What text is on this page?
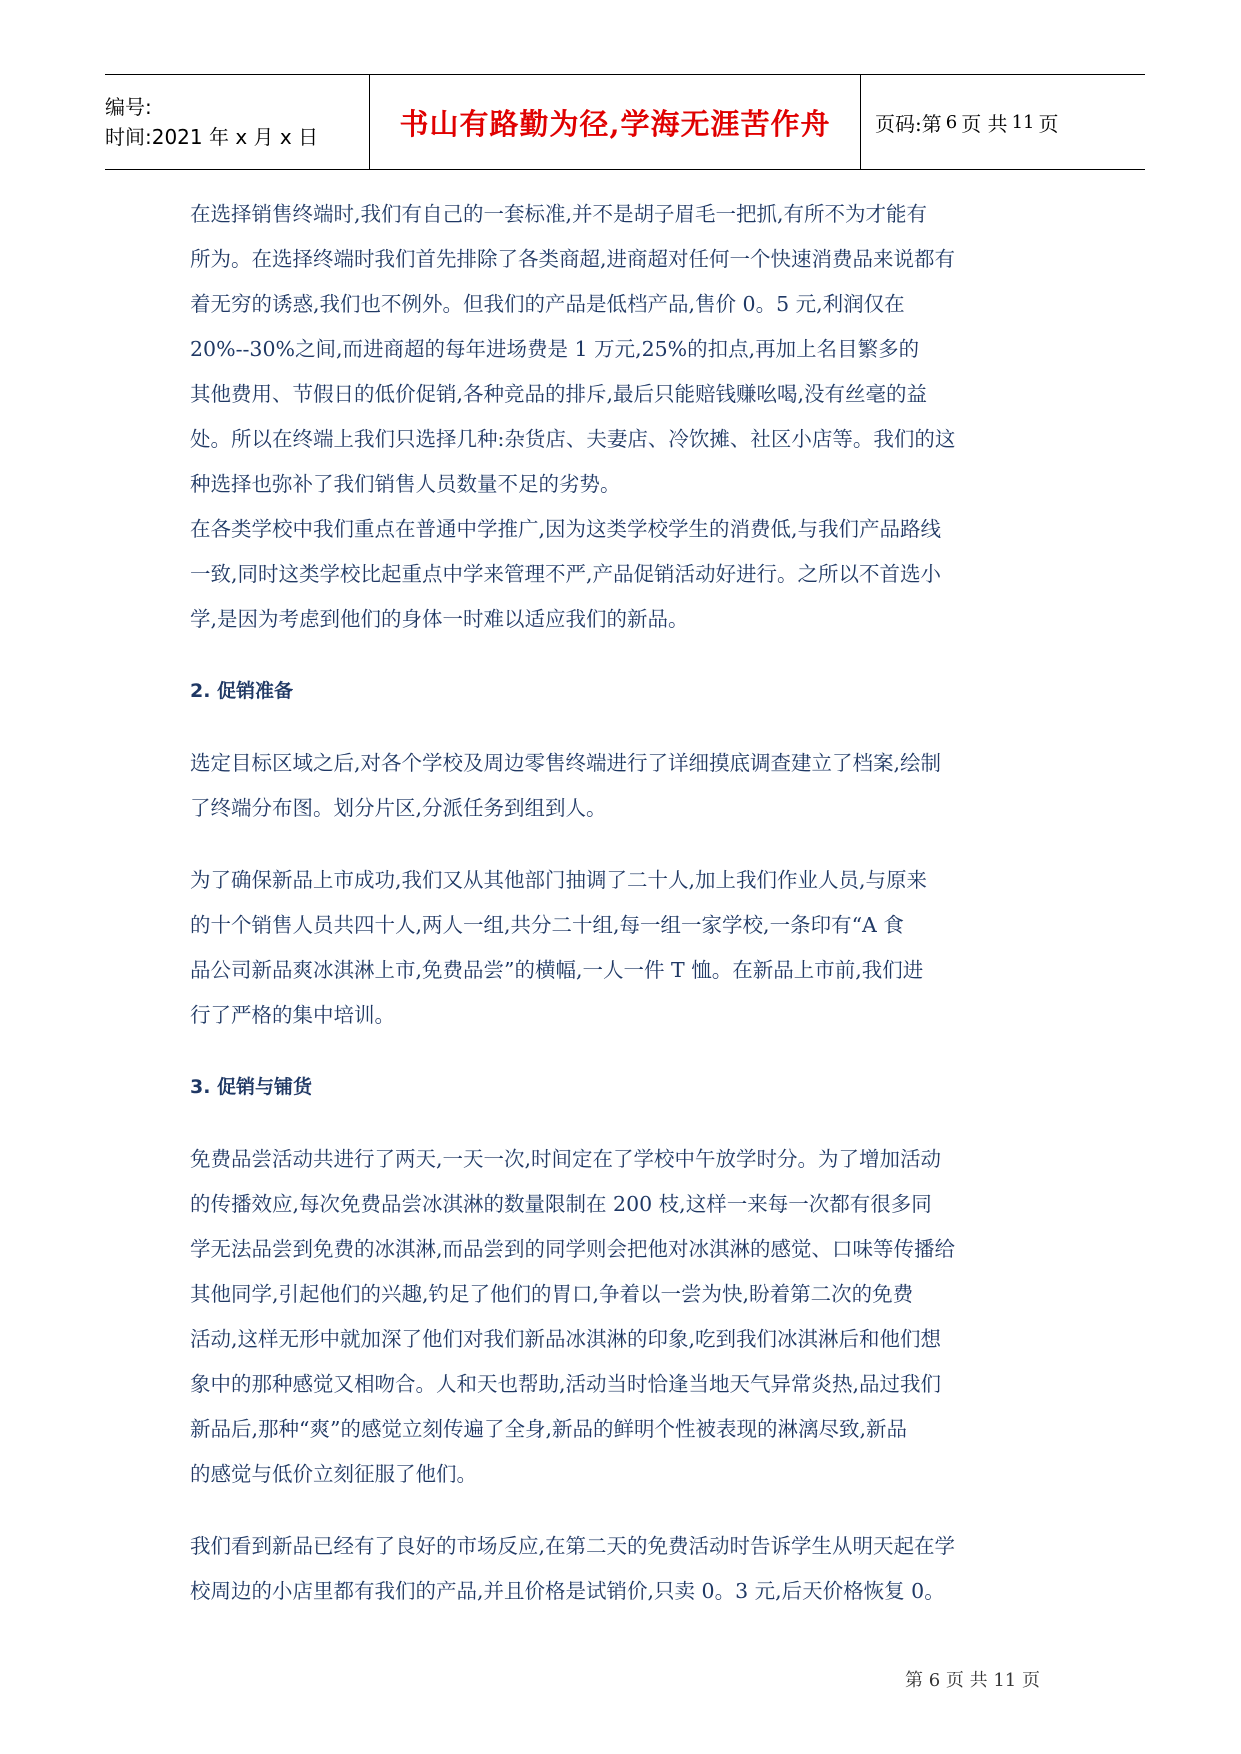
编号:
时间:2021 年 x 月 x 日	书山有路勤为径,学海无涯苦作舟	页码:第 6 页 共 11 页

在选择销售终端时,我们有自己的一套标准,并不是胡子眉毛一把抓,有所不为才能有

所为。在选择终端时我们首先排除了各类商超,进商超对任何一个快速消费品来说都有

着无穷的诱惑,我们也不例外。但我们的产品是低档产品,售价 0。5 元,利润仅在

20%--30%之间,而进商超的每年进场费是 1 万元,25%的扣点,再加上名目繁多的

其他费用、节假日的低价促销,各种竞品的排斥,最后只能赔钱赚吆喝,没有丝毫的益

处。所以在终端上我们只选择几种:杂货店、夫妻店、冷饮摊、社区小店等。我们的这

种选择也弥补了我们销售人员数量不足的劣势。

在各类学校中我们重点在普通中学推广,因为这类学校学生的消费低,与我们产品路线

一致,同时这类学校比起重点中学来管理不严,产品促销活动好进行。之所以不首选小

学,是因为考虑到他们的身体一时难以适应我们的新品。

2. 促销准备

选定目标区域之后,对各个学校及周边零售终端进行了详细摸底调查建立了档案,绘制

了终端分布图。划分片区,分派任务到组到人。

为了确保新品上市成功,我们又从其他部门抽调了二十人,加上我们作业人员,与原来

的十个销售人员共四十人,两人一组,共分二十组,每一组一家学校,一条印有“A 食

品公司新品爽冰淇淋上市,免费品尝”的横幅,一人一件 T 恤。在新品上市前,我们进

行了严格的集中培训。

3. 促销与铺货

免费品尝活动共进行了两天,一天一次,时间定在了学校中午放学时分。为了增加活动

的传播效应,每次免费品尝冰淇淋的数量限制在 200 枝,这样一来每一次都有很多同

学无法品尝到免费的冰淇淋,而品尝到的同学则会把他对冰淇淋的感觉、口味等传播给

其他同学,引起他们的兴趣,钓足了他们的胃口,争着以一尝为快,盼着第二次的免费

活动,这样无形中就加深了他们对我们新品冰淇淋的印象,吃到我们冰淇淋后和他们想

象中的那种感觉又相吻合。人和天也帮助,活动当时恰逢当地天气异常炎热,品过我们

新品后,那种“爽”的感觉立刻传遍了全身,新品的鲜明个性被表现的淋漓尽致,新品

的感觉与低价立刻征服了他们。

我们看到新品已经有了良好的市场反应,在第二天的免费活动时告诉学生从明天起在学

校周边的小店里都有我们的产品,并且价格是试销价,只卖 0。3 元,后天价格恢复 0。

第 6 页 共 11 页
